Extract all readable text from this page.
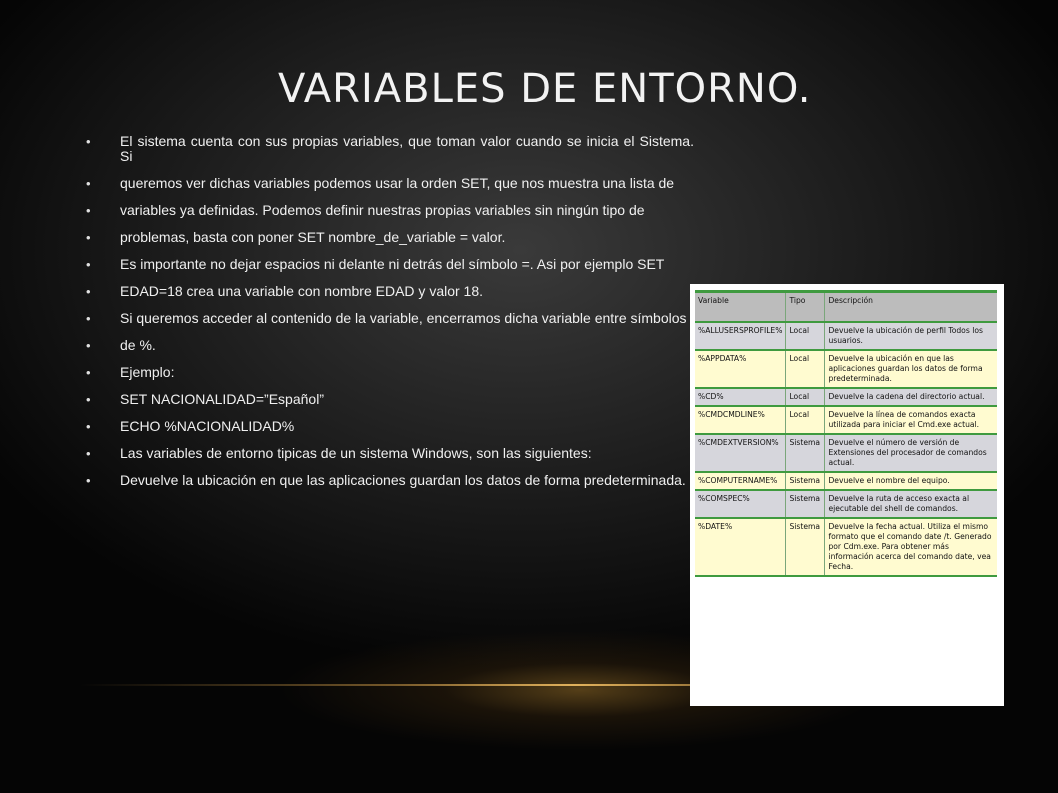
VARIABLES DE ENTORNO.
• El sistema cuenta con sus propias variables, que toman valor cuando se inicia el Sistema. Si
• queremos ver dichas variables podemos usar la orden SET, que nos muestra una lista de
• variables ya definidas. Podemos definir nuestras propias variables sin ningún tipo de
• problemas, basta con poner SET nombre_de_variable = valor.
• Es importante no dejar espacios ni delante ni detrás del símbolo =. Asi por ejemplo SET
• EDAD=18 crea una variable con nombre EDAD y valor 18.
• Si queremos acceder al contenido de la variable, encerramos dicha variable entre símbolos
• de %.
• Ejemplo:
• SET NACIONALIDAD=”Español”
• ECHO %NACIONALIDAD%
• Las variables de entorno tipicas de un sistema Windows, son las siguientes:
• Devuelve la ubicación en que las aplicaciones guardan los datos de forma predeterminada.
Variable	Tipo	Descripción
%ALLUSERSPROFILE%	Local	Devuelve la ubicación de perfil Todos los usuarios.
%APPDATA%	Local	Devuelve la ubicación en que las aplicaciones guardan los datos de forma predeterminada.
%CD%	Local	Devuelve la cadena del directorio actual.
%CMDCMDLINE%	Local	Devuelve la línea de comandos exacta utilizada para iniciar el Cmd.exe actual.
%CMDEXTVERSION%	Sistema	Devuelve el número de versión de Extensiones del procesador de comandos actual.
%COMPUTERNAME%	Sistema	Devuelve el nombre del equipo.
%COMSPEC%	Sistema	Devuelve la ruta de acceso exacta al ejecutable del shell de comandos.
%DATE%	Sistema	Devuelve la fecha actual. Utiliza el mismo formato que el comando date /t. Generado por Cdm.exe. Para obtener más información acerca del comando date, vea Fecha.
